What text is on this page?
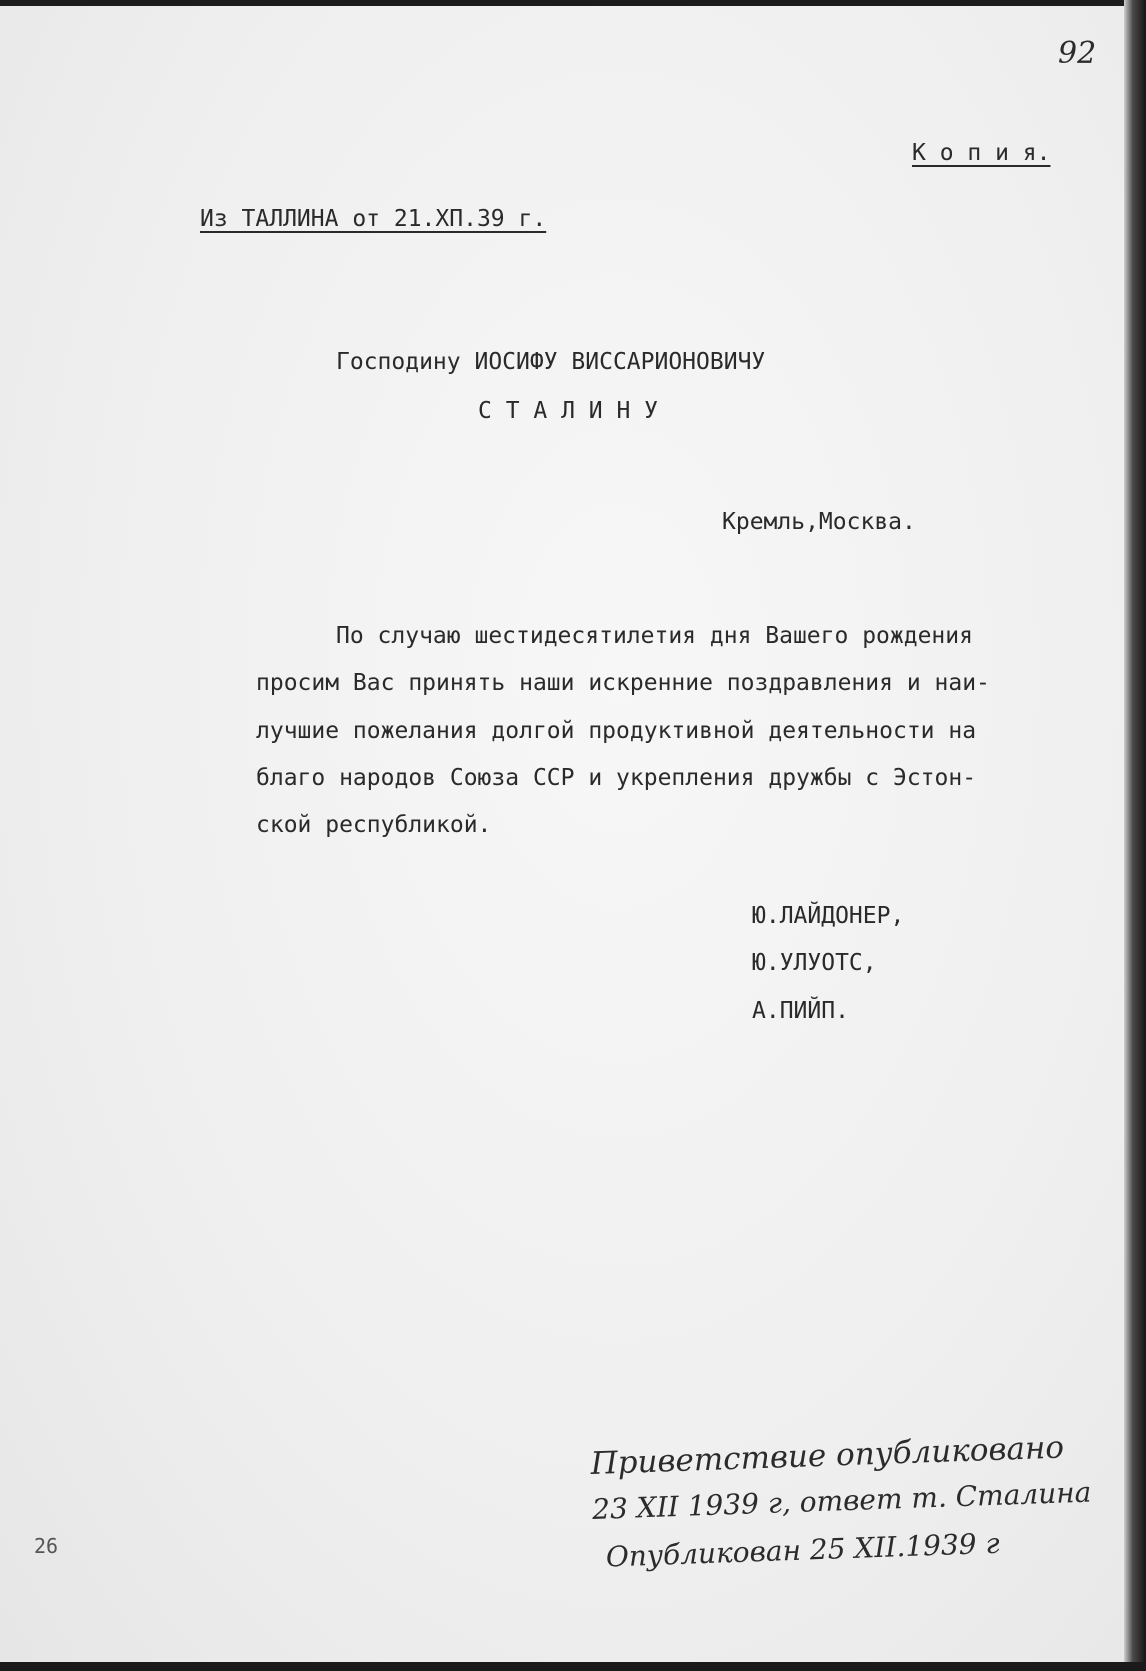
92
К о п и я.
Из ТАЛЛИНА от 21.ХП.39 г.
Господину ИОСИФУ ВИССАРИОНОВИЧУ
С Т А Л И Н У
Кремль,Москва.
По случаю шестидесятилетия дня Вашего рождения
просим Вас принять наши искренние поздравления и наи-
лучшие пожелания долгой продуктивной деятельности на
благо народов Союза ССР и укрепления дружбы с Эстон-
ской республикой.
Ю.ЛАЙДОНЕР,
Ю.УЛУОТС,
А.ПИЙП.
26
Приветствие опубликовано
23 XII 1939 г, ответ т. Сталина
Опубликован 25 XII.1939 г
